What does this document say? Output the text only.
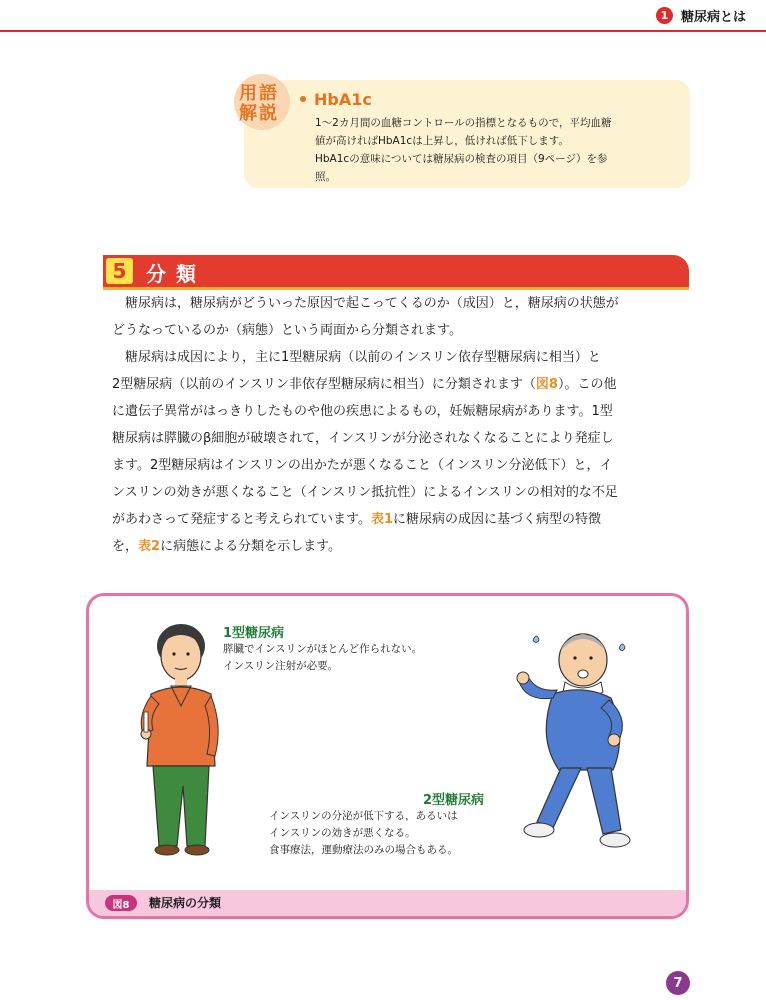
1 糖尿病とは
用語
解説
HbA1c
1～2カ月間の血糖コントロールの指標となるもので，平均血糖
値が高ければHbA1cは上昇し，低ければ低下します。
HbA1cの意味については糖尿病の検査の項目（9ページ）を参
照。
5 分類

糖尿病は，糖尿病がどういった原因で起こってくるのか（成因）と，糖尿病の状態が
どうなっているのか（病態）という両面から分類されます。

糖尿病は成因により，主に1型糖尿病（以前のインスリン依存型糖尿病に相当）と
2型糖尿病（以前のインスリン非依存型糖尿病に相当）に分類されます（図8）。この他
に遺伝子異常がはっきりしたものや他の疾患によるもの，妊娠糖尿病があります。1型
糖尿病は膵臓のβ細胞が破壊されて，インスリンが分泌されなくなることにより発症し
ます。2型糖尿病はインスリンの出かたが悪くなること（インスリン分泌低下）と，イ
ンスリンの効きが悪くなること（インスリン抵抗性）によるインスリンの相対的な不足
があわさって発症すると考えられています。表1に糖尿病の成因に基づく病型の特徴
を，表2に病態による分類を示します。

1型糖尿病
膵臓でインスリンがほとんど作られない。
インスリン注射が必要。
2型糖尿病
インスリンの分泌が低下する，あるいは
インスリンの効きが悪くなる。
食事療法，運動療法のみの場合もある。
図8	糖尿病の分類
7
